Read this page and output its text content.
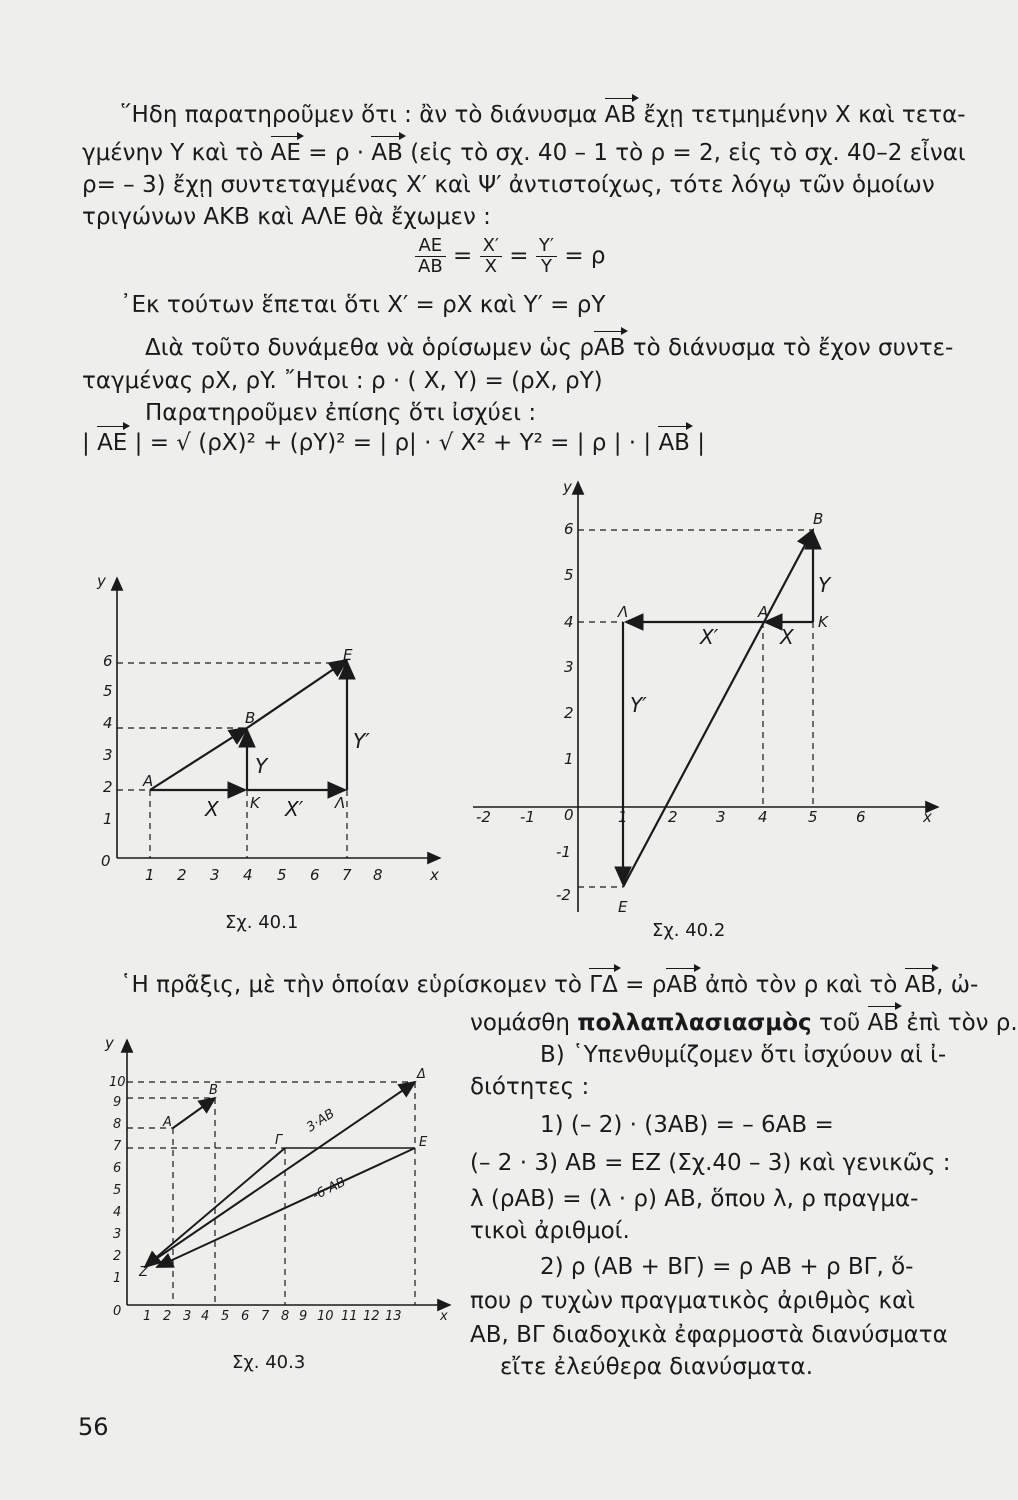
῞Ηδη παρατηροῦμεν ὅτι : ἂν τὸ διάνυσμα AB ἔχῃ τετμημένην X καὶ τετα-
γμένην Y καὶ τὸ AE = ρ · AB (εἰς τὸ σχ. 40 – 1 τὸ ρ = 2, εἰς τὸ σχ. 40–2 εἶναι
ρ= – 3) ἔχῃ συντεταγμένας X′ καὶ Ψ′ ἀντιστοίχως, τότε λόγῳ τῶν ὁμοίων
τριγώνων ΑΚΒ καὶ ΑΛΕ θὰ ἔχωμεν :
$\frac{AE}{AB} = \frac{X'}{X} = \frac{Y'}{Y} = \rho$
᾿Εκ τούτων ἕπεται ὅτι X′ = ρX καὶ Y′ = ρY
Διὰ τοῦτο δυνάμεθα νὰ ὁρίσωμεν ὡς ρAB τὸ διάνυσμα τὸ ἔχον συντε-
ταγμένας ρX, ρY. ῎Ητοι : ρ · ( X, Y) = (ρX, ρY)
Παρατηροῦμεν ἐπίσης ὅτι ἰσχύει :
| AE | = √ (ρX)² + (ρY)² = | ρ| · √ X² + Y² = | ρ | · | AB |
y
6
5
4
3
2
1
0
1 2 3 4 5 6 7 8	x
A
B
E
K	Λ
X	X′
Y
Y′
Σχ. 40.1
y
6
5
4
3
2
1
0
-1
-2
-2 -1	1	2	3 4	5	6	x
B
Λ	A
K
E
X′	X
Y
Y′
Σχ. 40.2
y
10
9
8
7
6
5
4
3
2
1
0 1 2 3 4 5 6 7 8 9 10 11 12 13	x
Δ
B
A
Γ	E
Z
3·AB
-6·AB
Σχ. 40.3
῾Η πρᾶξις, μὲ τὴν ὁποίαν εὑρίσκομεν τὸ ΓΔ = ρAB ἀπὸ τὸν ρ καὶ τὸ AB, ὠ-
νομάσθη πολλαπλασιασμὸς τοῦ AB ἐπὶ τὸν ρ.
Β) ῾Υπενθυμίζομεν ὅτι ἰσχύουν αἱ ἰ-
διότητες :
1) (– 2) · (3AB) = – 6AB =
(– 2 · 3) AB = EZ (Σχ.40 – 3) καὶ γενικῶς :
λ (ρAB) = (λ · ρ) AB, ὅπου λ, ρ πραγμα-
τικοὶ ἀριθμοί.
2) ρ (AB + BΓ) = ρ AB + ρ BΓ, ὅ-
που ρ τυχὼν πραγματικὸς ἀριθμὸς καὶ
AB, BΓ διαδοχικὰ ἐφαρμοστὰ διανύσματα
εἴτε ἐλεύθερα διανύσματα.
56
